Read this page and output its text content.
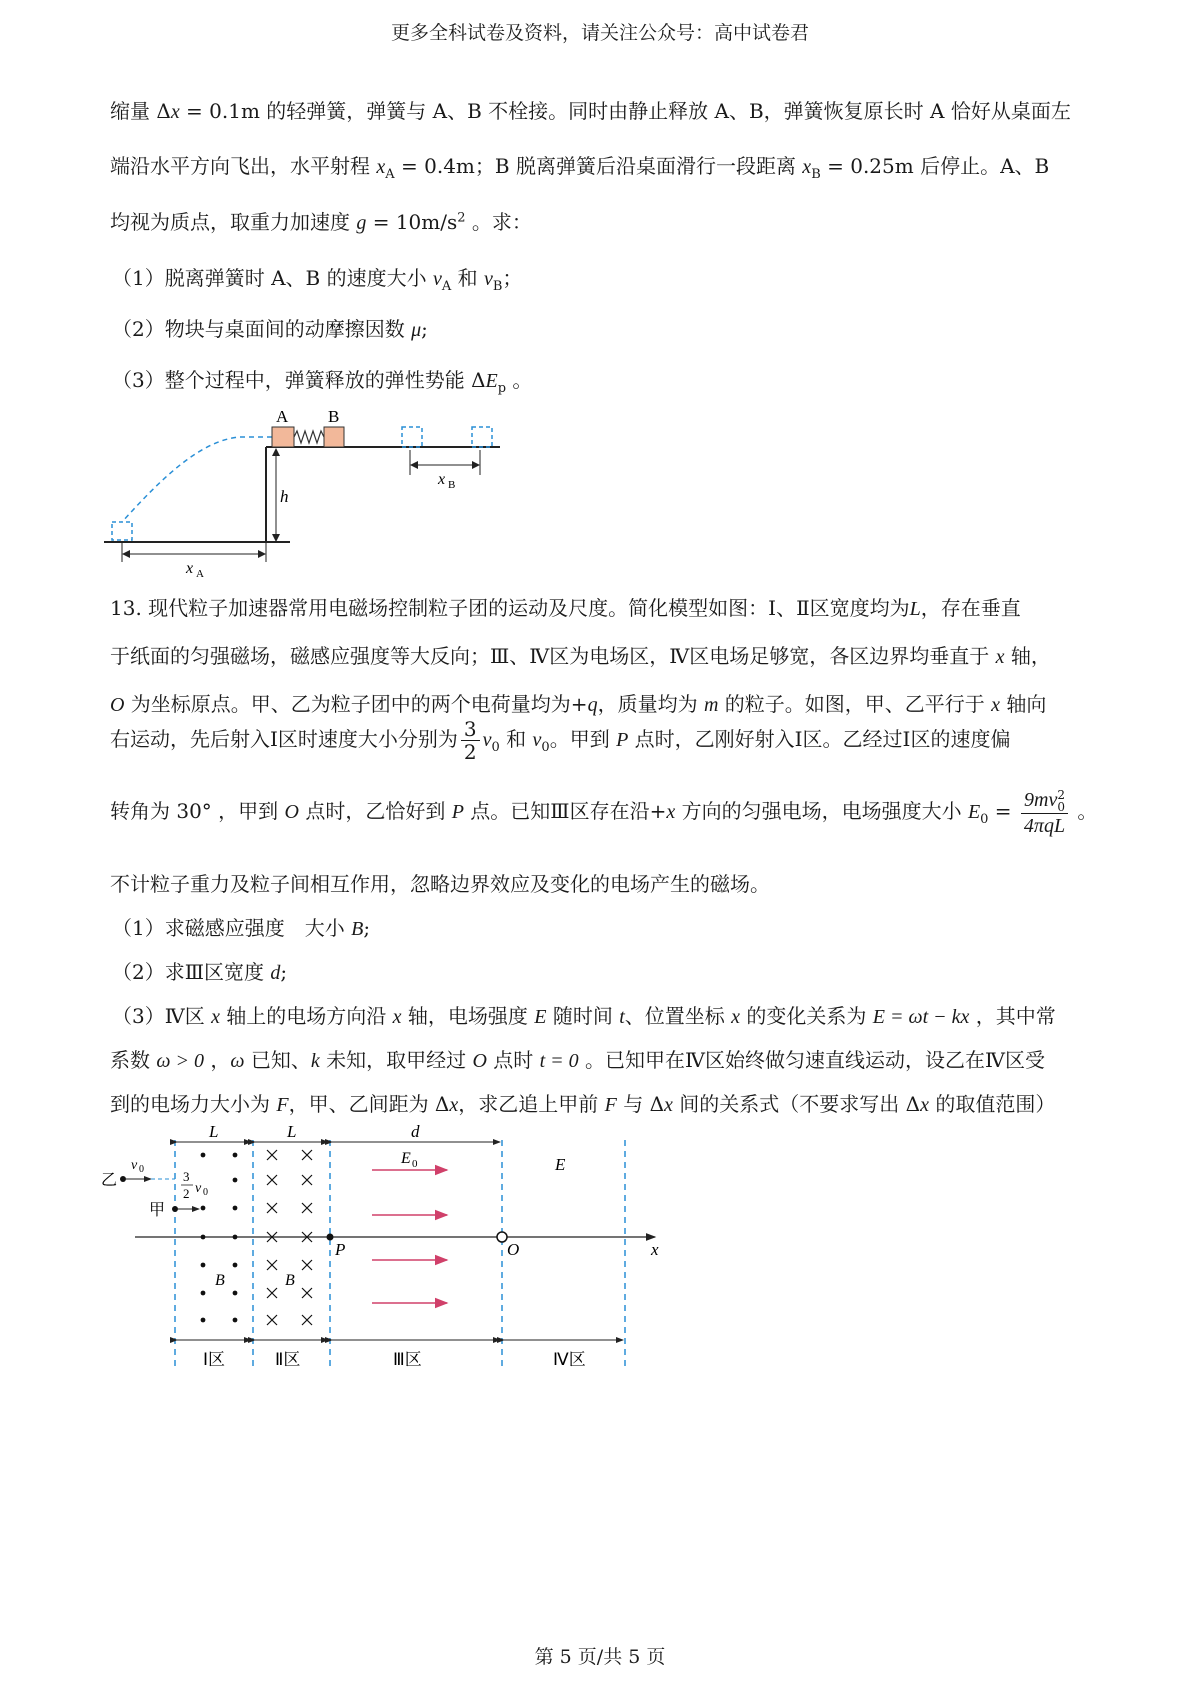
更多全科试卷及资料，请关注公众号：高中试卷君
缩量 Δx = 0.1m 的轻弹簧，弹簧与 A、B 不栓接。同时由静止释放 A、B，弹簧恢复原长时 A 恰好从桌面左
端沿水平方向飞出，水平射程 $x_A = 0.4m$；B 脱离弹簧后沿桌面滑行一段距离 $x_B = 0.25m$ 后停止。A、B
均视为质点，取重力加速度 $g = 10m/s^2$ 。求：
（1）脱离弹簧时 A、B 的速度大小 $v_A$ 和 $v_B$；
（2）物块与桌面间的动摩擦因数 μ;
（3）整个过程中，弹簧释放的弹性势能 $\Delta E_p$ 。
h
A B
x B
x A
13. 现代粒子加速器常用电磁场控制粒子团的运动及尺度。简化模型如图：Ⅰ、Ⅱ区宽度均为L，存在垂直
于纸面的匀强磁场，磁感应强度等大反向；Ⅲ、Ⅳ区为电场区，Ⅳ区电场足够宽，各区边界均垂直于 x 轴，
O 为坐标原点。甲、乙为粒子团中的两个电荷量均为+q，质量均为 m 的粒子。如图，甲、乙平行于 x 轴向
右运动，先后射入Ⅰ区时速度大小分别为 $\frac{3}{2} v_0$ 和 $v_0$。甲到 P 点时，乙刚好射入Ⅰ区。乙经过Ⅰ区的速度偏
转角为 30° ，甲到 O 点时，乙恰好到 P 点。已知Ⅲ区存在沿+x 方向的匀强电场，电场强度大小 $E_0 = 9mv$ 2
0
4πqL 。
不计粒子重力及粒子间相互作用，忽略边界效应及变化的电场产生的磁场。
（1）求磁感应强度　大小 B;
（2）求Ⅲ区宽度 d;
（3）Ⅳ区 x 轴上的电场方向沿 x 轴，电场强度 E 随时间 t、位置坐标 x 的变化关系为 E = ωt − kx ，其中常
系数 ω > 0 ，ω 已知、k 未知，取甲经过 O 点时 t = 0 。已知甲在Ⅳ区始终做匀速直线运动，设乙在Ⅳ区受
到的电场力大小为 F，甲、乙间距为 Δx，求乙追上甲前 F 与 Δx 间的关系式（不要求写出 Δx 的取值范围）
L	L	d
Ⅰ区	Ⅱ区	Ⅲ区	Ⅳ区
x
P	O
B	B
E 0	E
乙
v 0
甲
3
2 v 0
第 5 页/共 5 页
